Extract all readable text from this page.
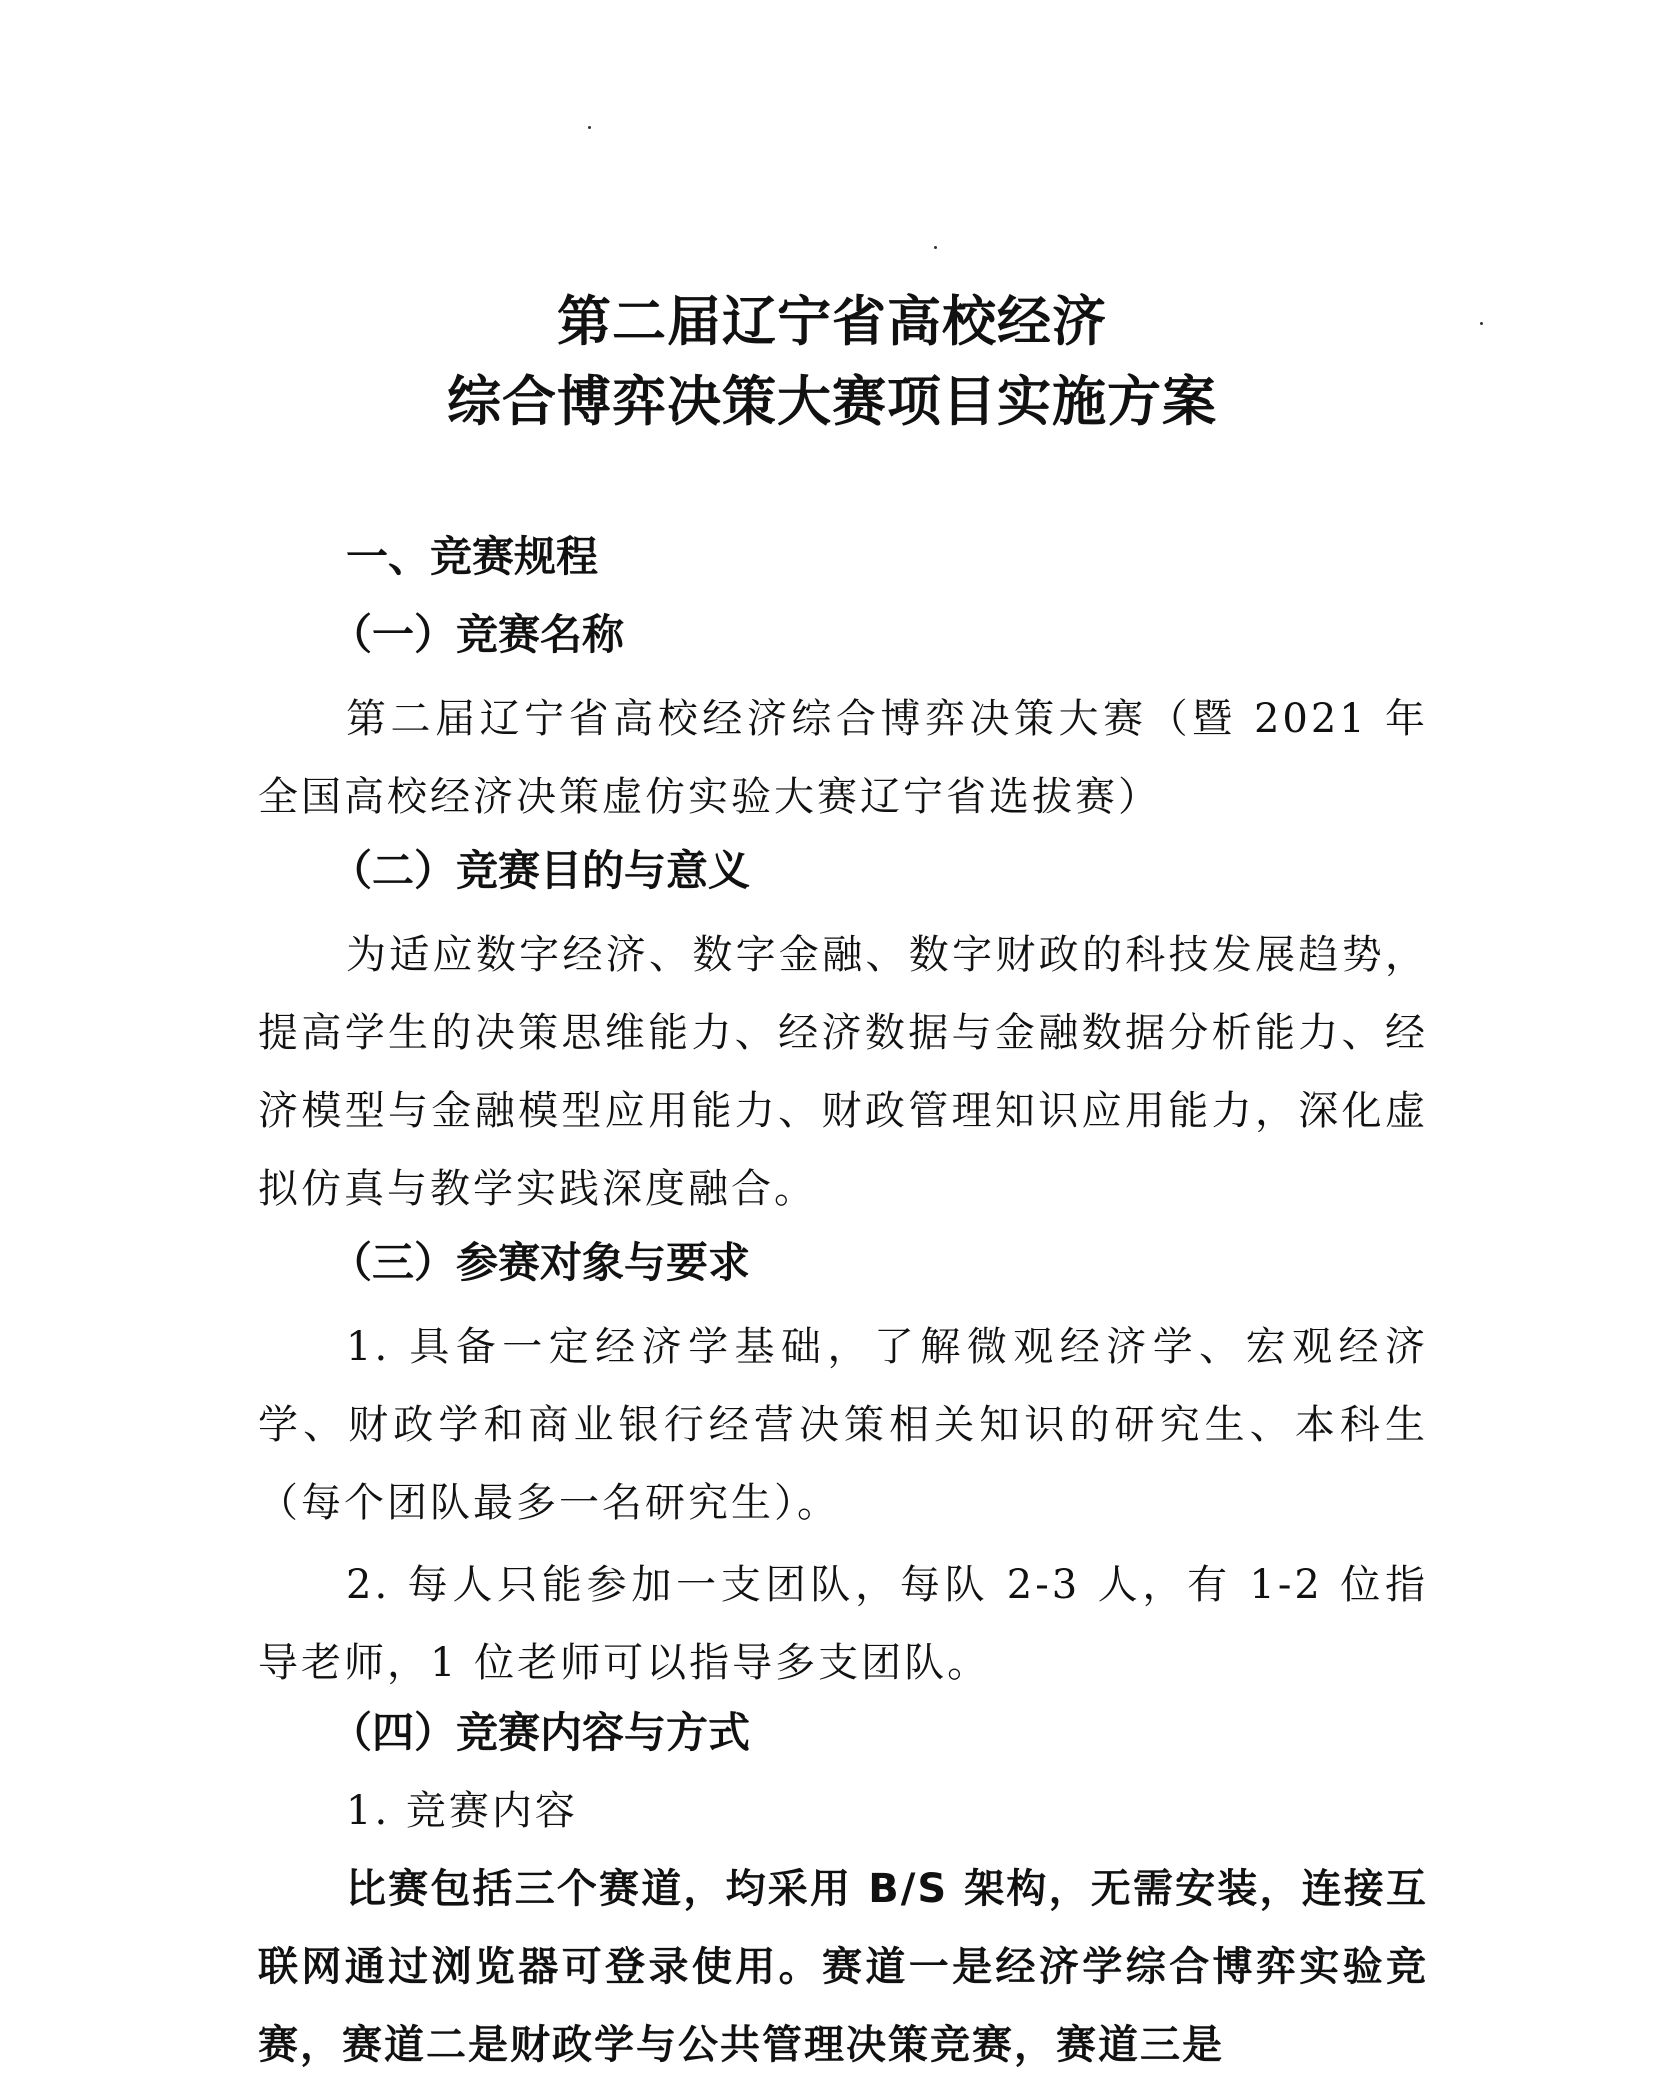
第二届辽宁省高校经济
综合博弈决策大赛项目实施方案
一、竞赛规程
（一）竞赛名称

第二届辽宁省高校经济综合博弈决策大赛（暨 2021 年全国高校经济决策虚仿实验大赛辽宁省选拔赛）

（二）竞赛目的与意义

为适应数字经济、数字金融、数字财政的科技发展趋势，提高学生的决策思维能力、经济数据与金融数据分析能力、经济模型与金融模型应用能力、财政管理知识应用能力，深化虚拟仿真与教学实践深度融合。

（三）参赛对象与要求

1. 具备一定经济学基础，了解微观经济学、宏观经济学、财政学和商业银行经营决策相关知识的研究生、本科生（每个团队最多一名研究生）。

2. 每人只能参加一支团队，每队 2-3 人，有 1-2 位指导老师，1 位老师可以指导多支团队。

（四）竞赛内容与方式

1. 竞赛内容

比赛包括三个赛道，均采用 B/S 架构，无需安装，连接互联网通过浏览器可登录使用。赛道一是经济学综合博弈实验竞赛，赛道二是财政学与公共管理决策竞赛，赛道三是
